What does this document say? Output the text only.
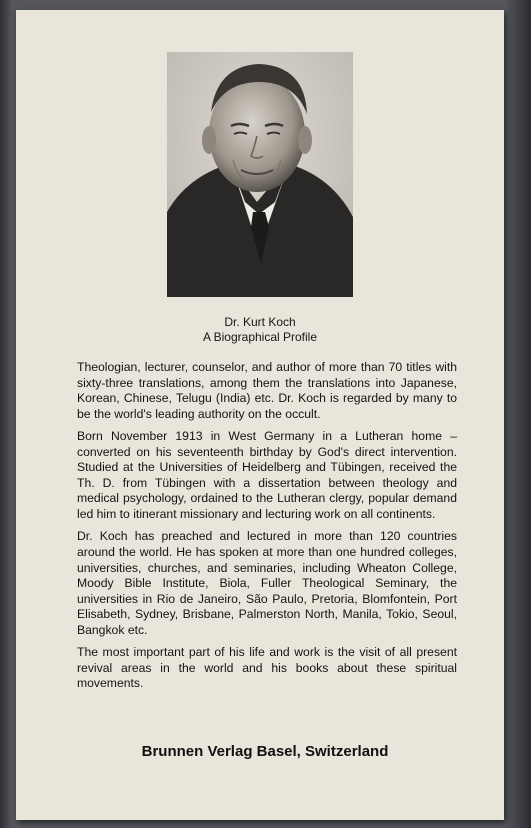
Dr. Kurt Koch
A Biographical Profile

Theologian, lecturer, counselor, and author of more than 70 titles with sixty-three translations, among them the translations into Japanese, Korean, Chinese, Telugu (India) etc. Dr. Koch is regarded by many to be the world's leading authority on the occult.

Born November 1913 in West Germany in a Lutheran home – converted on his seventeenth birthday by God's direct intervention. Studied at the Universities of Heidelberg and Tübingen, received the Th. D. from Tübingen with a dissertation between theology and medical psychology, ordained to the Lutheran clergy, popular demand led him to itinerant missionary and lecturing work on all continents.

Dr. Koch has preached and lectured in more than 120 countries around the world. He has spoken at more than one hundred colleges, universities, churches, and seminaries, including Wheaton College, Moody Bible Institute, Biola, Fuller Theological Seminary, the universities in Rio de Janeiro, São Paulo, Pretoria, Blomfontein, Port Elisabeth, Sydney, Brisbane, Palmerston North, Manila, Tokio, Seoul, Bangkok etc.

The most important part of his life and work is the visit of all present revival areas in the world and his books about these spiritual movements.

Brunnen Verlag Basel, Switzerland
